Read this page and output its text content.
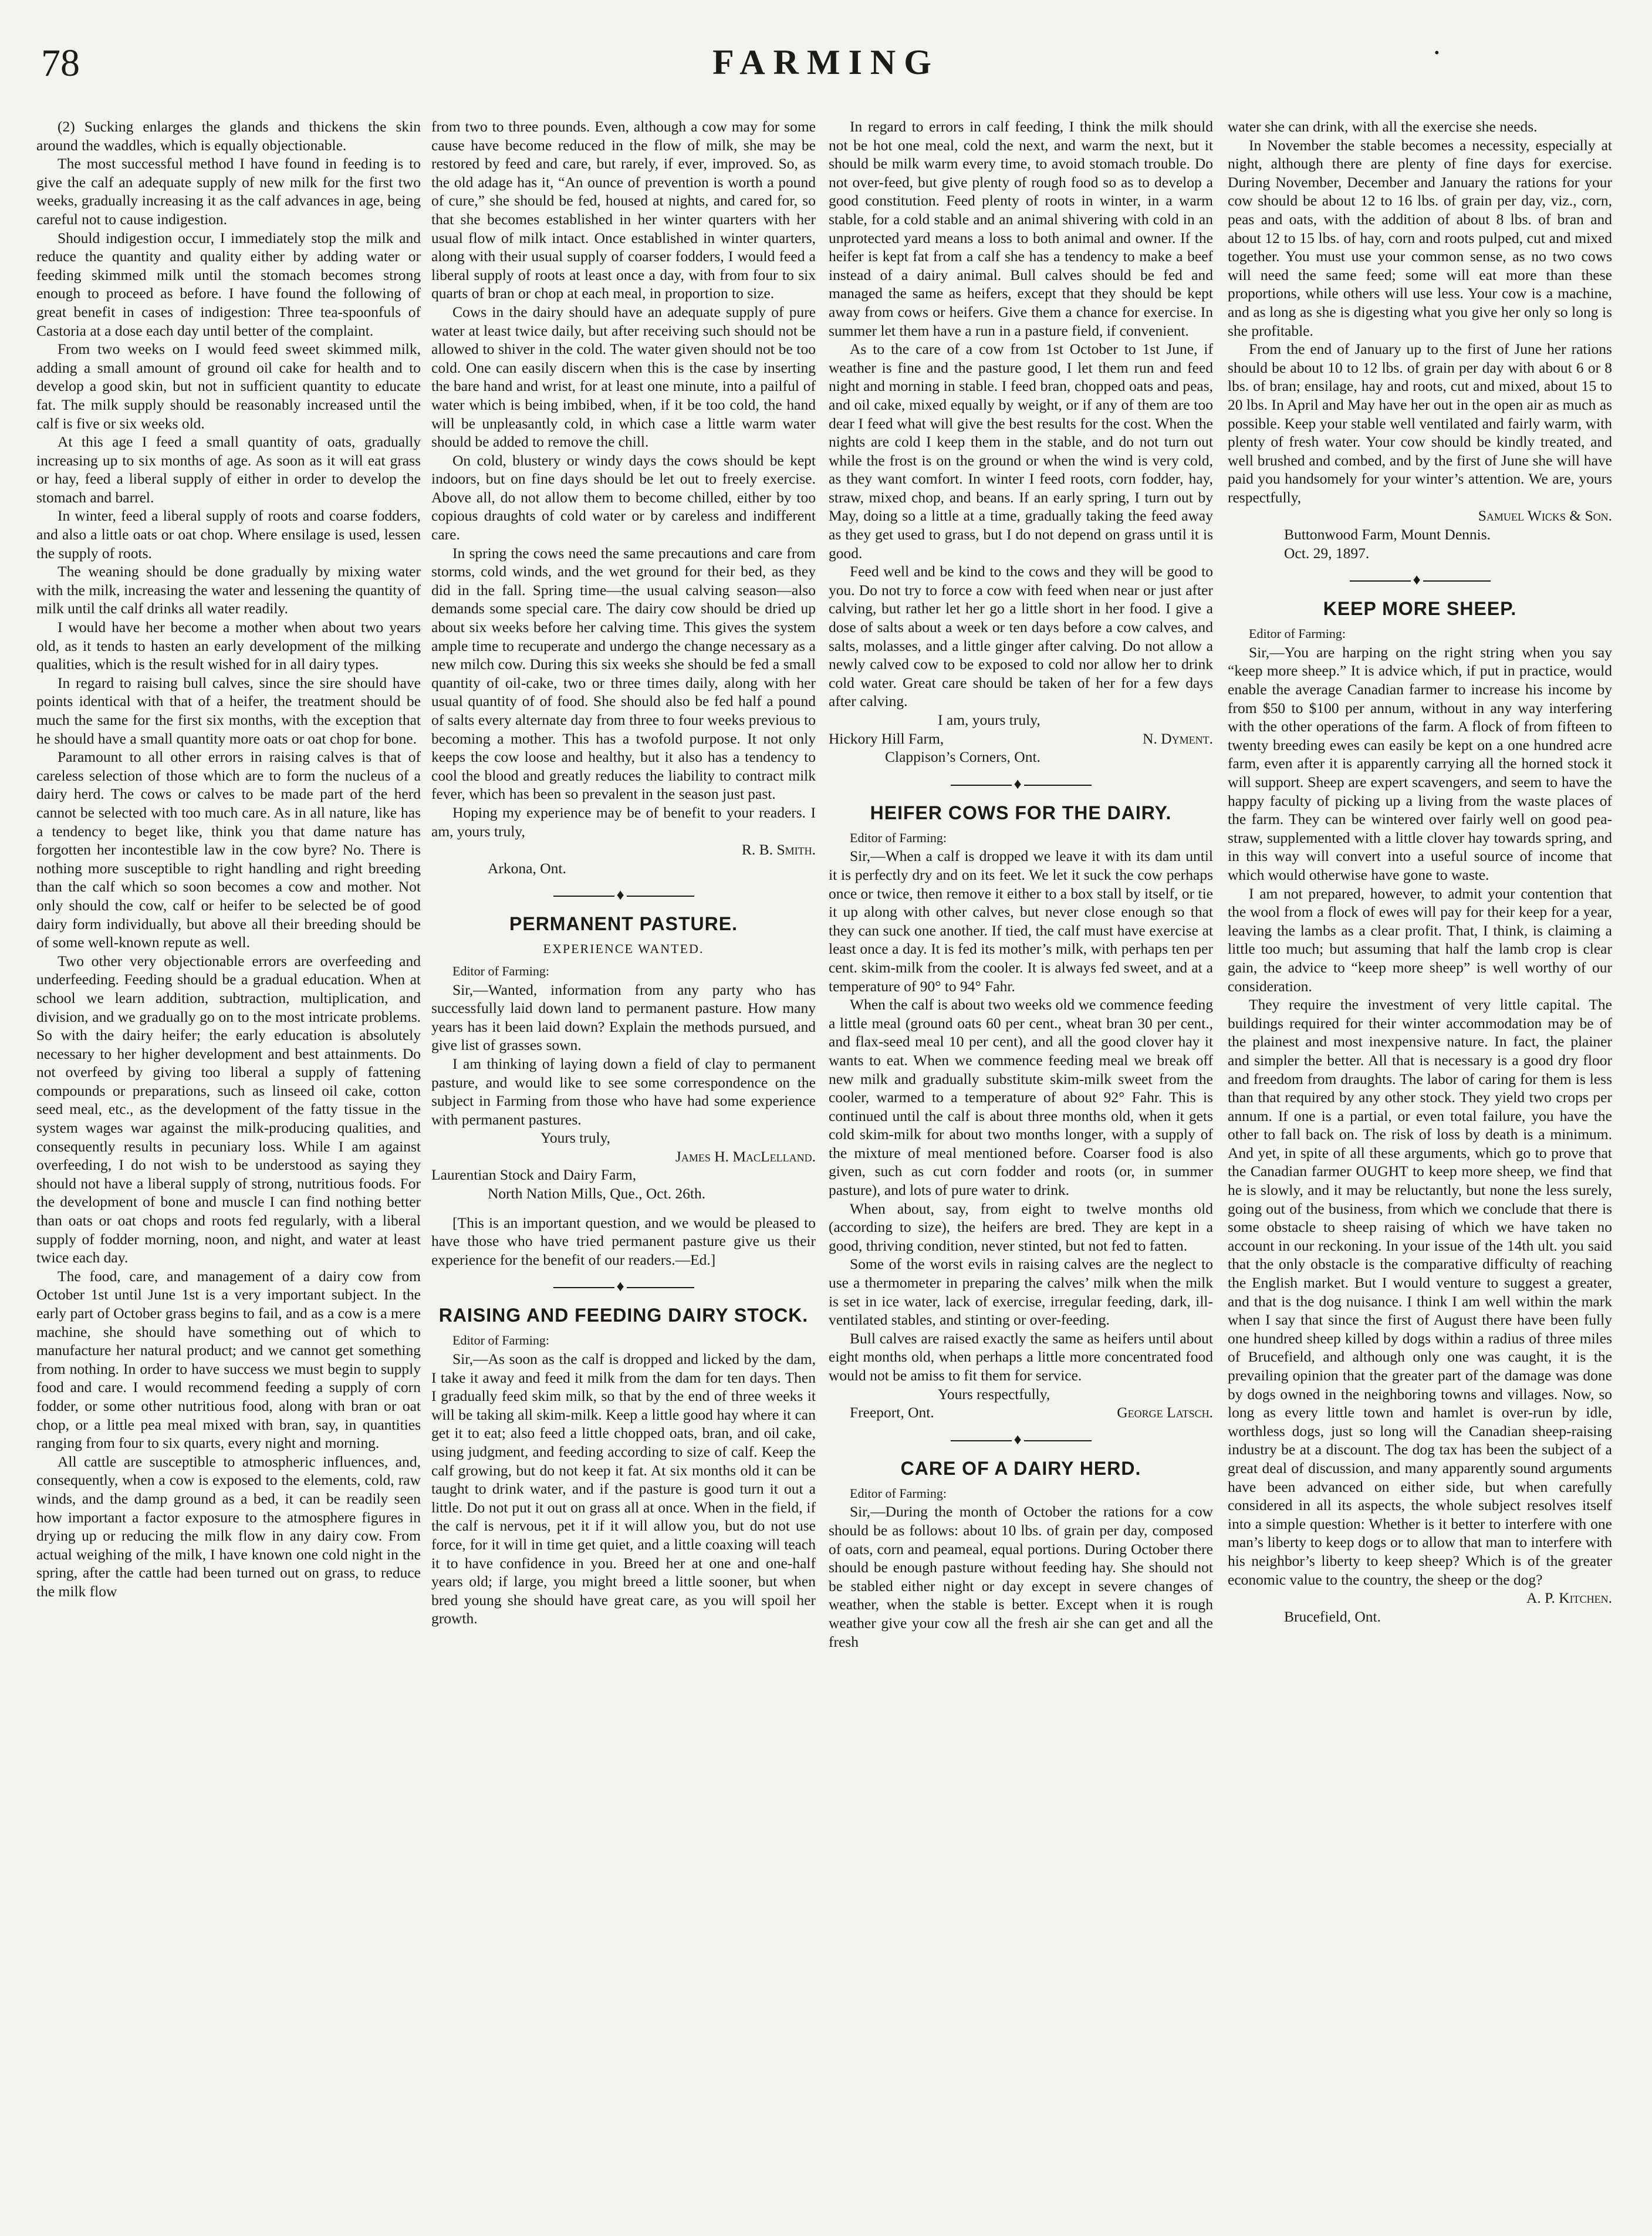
78	FARMING	·

(2) Sucking enlarges the glands and thickens the skin around the waddles, which is equally objectionable.

The most successful method I have found in feeding is to give the calf an adequate supply of new milk for the first two weeks, gradually increasing it as the calf advances in age, being careful not to cause indigestion.

Should indigestion occur, I immediately stop the milk and reduce the quantity and quality either by adding water or feeding skimmed milk until the stomach becomes strong enough to proceed as before. I have found the following of great benefit in cases of indigestion: Three tea-spoonfuls of Castoria at a dose each day until better of the complaint.

From two weeks on I would feed sweet skimmed milk, adding a small amount of ground oil cake for health and to develop a good skin, but not in sufficient quantity to educate fat. The milk supply should be reasonably increased until the calf is five or six weeks old.

At this age I feed a small quantity of oats, gradually increasing up to six months of age. As soon as it will eat grass or hay, feed a liberal supply of either in order to develop the stomach and barrel.

In winter, feed a liberal supply of roots and coarse fodders, and also a little oats or oat chop. Where ensilage is used, lessen the supply of roots.

The weaning should be done gradually by mixing water with the milk, increasing the water and lessening the quantity of milk until the calf drinks all water readily.

I would have her become a mother when about two years old, as it tends to hasten an early development of the milking qualities, which is the result wished for in all dairy types.

In regard to raising bull calves, since the sire should have points identical with that of a heifer, the treatment should be much the same for the first six months, with the exception that he should have a small quantity more oats or oat chop for bone.

Paramount to all other errors in raising calves is that of careless selection of those which are to form the nucleus of a dairy herd. The cows or calves to be made part of the herd cannot be selected with too much care. As in all nature, like has a tendency to beget like, think you that dame nature has forgotten her incontestible law in the cow byre? No. There is nothing more susceptible to right handling and right breeding than the calf which so soon becomes a cow and mother. Not only should the cow, calf or heifer to be selected be of good dairy form individually, but above all their breeding should be of some well-known repute as well.

Two other very objectionable errors are overfeeding and underfeeding. Feeding should be a gradual education. When at school we learn addition, subtraction, multiplication, and division, and we gradually go on to the most intricate problems. So with the dairy heifer; the early education is absolutely necessary to her higher development and best attainments. Do not overfeed by giving too liberal a supply of fattening compounds or preparations, such as linseed oil cake, cotton seed meal, etc., as the development of the fatty tissue in the system wages war against the milk-producing qualities, and consequently results in pecuniary loss. While I am against overfeeding, I do not wish to be understood as saying they should not have a liberal supply of strong, nutritious foods. For the development of bone and muscle I can find nothing better than oats or oat chops and roots fed regularly, with a liberal supply of fodder morning, noon, and night, and water at least twice each day.

The food, care, and management of a dairy cow from October 1st until June 1st is a very important subject. In the early part of October grass begins to fail, and as a cow is a mere machine, she should have something out of which to manufacture her natural product; and we cannot get something from nothing. In order to have success we must begin to supply food and care. I would recommend feeding a supply of corn fodder, or some other nutritious food, along with bran or oat chop, or a little pea meal mixed with bran, say, in quantities ranging from four to six quarts, every night and morning.

All cattle are susceptible to atmospheric influences, and, consequently, when a cow is exposed to the elements, cold, raw winds, and the damp ground as a bed, it can be readily seen how important a factor exposure to the atmosphere figures in drying up or reducing the milk flow in any dairy cow. From actual weighing of the milk, I have known one cold night in the spring, after the cattle had been turned out on grass, to reduce the milk flow

from two to three pounds. Even, although a cow may for some cause have become reduced in the flow of milk, she may be restored by feed and care, but rarely, if ever, improved. So, as the old adage has it, “An ounce of prevention is worth a pound of cure,” she should be fed, housed at nights, and cared for, so that she becomes established in her winter quarters with her usual flow of milk intact. Once established in winter quarters, along with their usual supply of coarser fodders, I would feed a liberal supply of roots at least once a day, with from four to six quarts of bran or chop at each meal, in proportion to size.

Cows in the dairy should have an adequate supply of pure water at least twice daily, but after receiving such should not be allowed to shiver in the cold. The water given should not be too cold. One can easily discern when this is the case by inserting the bare hand and wrist, for at least one minute, into a pailful of water which is being imbibed, when, if it be too cold, the hand will be unpleasantly cold, in which case a little warm water should be added to remove the chill.

On cold, blustery or windy days the cows should be kept indoors, but on fine days should be let out to freely exercise. Above all, do not allow them to become chilled, either by too copious draughts of cold water or by careless and indifferent care.

In spring the cows need the same precautions and care from storms, cold winds, and the wet ground for their bed, as they did in the fall. Spring time—the usual calving season—also demands some special care. The dairy cow should be dried up about six weeks before her calving time. This gives the system ample time to recuperate and undergo the change necessary as a new milch cow. During this six weeks she should be fed a small quantity of oil-cake, two or three times daily, along with her usual quantity of of food. She should also be fed half a pound of salts every alternate day from three to four weeks previous to becoming a mother. This has a twofold purpose. It not only keeps the cow loose and healthy, but it also has a tendency to cool the blood and greatly reduces the liability to contract milk fever, which has been so prevalent in the season just past.

Hoping my experience may be of benefit to your readers. I am, yours truly,

R. B. Smith.

Arkona, Ont.

♦
PERMANENT PASTURE.
EXPERIENCE WANTED.

Editor of Farming:

Sir,—Wanted, information from any party who has successfully laid down land to permanent pasture. How many years has it been laid down? Explain the methods pursued, and give list of grasses sown.

I am thinking of laying down a field of clay to permanent pasture, and would like to see some correspondence on the subject in Farming from those who have had some experience with permanent pastures.

Yours truly,

James H. MacLelland.

Laurentian Stock and Dairy Farm,

North Nation Mills, Que., Oct. 26th.

[This is an important question, and we would be pleased to have those who have tried permanent pasture give us their experience for the benefit of our readers.—Ed.]

♦
RAISING AND FEEDING DAIRY STOCK.

Editor of Farming:

Sir,—As soon as the calf is dropped and licked by the dam, I take it away and feed it milk from the dam for ten days. Then I gradually feed skim milk, so that by the end of three weeks it will be taking all skim-milk. Keep a little good hay where it can get it to eat; also feed a little chopped oats, bran, and oil cake, using judgment, and feeding according to size of calf. Keep the calf growing, but do not keep it fat. At six months old it can be taught to drink water, and if the pasture is good turn it out a little. Do not put it out on grass all at once. When in the field, if the calf is nervous, pet it if it will allow you, but do not use force, for it will in time get quiet, and a little coaxing will teach it to have confidence in you. Breed her at one and one-half years old; if large, you might breed a little sooner, but when bred young she should have great care, as you will spoil her growth.

In regard to errors in calf feeding, I think the milk should not be hot one meal, cold the next, and warm the next, but it should be milk warm every time, to avoid stomach trouble. Do not over-feed, but give plenty of rough food so as to develop a good constitution. Feed plenty of roots in winter, in a warm stable, for a cold stable and an animal shivering with cold in an unprotected yard means a loss to both animal and owner. If the heifer is kept fat from a calf she has a tendency to make a beef instead of a dairy animal. Bull calves should be fed and managed the same as heifers, except that they should be kept away from cows or heifers. Give them a chance for exercise. In summer let them have a run in a pasture field, if convenient.

As to the care of a cow from 1st October to 1st June, if weather is fine and the pasture good, I let them run and feed night and morning in stable. I feed bran, chopped oats and peas, and oil cake, mixed equally by weight, or if any of them are too dear I feed what will give the best results for the cost. When the nights are cold I keep them in the stable, and do not turn out while the frost is on the ground or when the wind is very cold, as they want comfort. In winter I feed roots, corn fodder, hay, straw, mixed chop, and beans. If an early spring, I turn out by May, doing so a little at a time, gradually taking the feed away as they get used to grass, but I do not depend on grass until it is good.

Feed well and be kind to the cows and they will be good to you. Do not try to force a cow with feed when near or just after calving, but rather let her go a little short in her food. I give a dose of salts about a week or ten days before a cow calves, and salts, molasses, and a little ginger after calving. Do not allow a newly calved cow to be exposed to cold nor allow her to drink cold water. Great care should be taken of her for a few days after calving.

I am, yours truly,

Hickory Hill Farm,	N. Dyment.

Clappison’s Corners, Ont.

♦
HEIFER COWS FOR THE DAIRY.

Editor of Farming:

Sir,—When a calf is dropped we leave it with its dam until it is perfectly dry and on its feet. We let it suck the cow perhaps once or twice, then remove it either to a box stall by itself, or tie it up along with other calves, but never close enough so that they can suck one another. If tied, the calf must have exercise at least once a day. It is fed its mother’s milk, with perhaps ten per cent. skim-milk from the cooler. It is always fed sweet, and at a temperature of 90° to 94° Fahr.

When the calf is about two weeks old we commence feeding a little meal (ground oats 60 per cent., wheat bran 30 per cent., and flax-seed meal 10 per cent), and all the good clover hay it wants to eat. When we commence feeding meal we break off new milk and gradually substitute skim-milk sweet from the cooler, warmed to a temperature of about 92° Fahr. This is continued until the calf is about three months old, when it gets cold skim-milk for about two months longer, with a supply of the mixture of meal mentioned before. Coarser food is also given, such as cut corn fodder and roots (or, in summer pasture), and lots of pure water to drink.

When about, say, from eight to twelve months old (according to size), the heifers are bred. They are kept in a good, thriving condition, never stinted, but not fed to fatten.

Some of the worst evils in raising calves are the neglect to use a thermometer in preparing the calves’ milk when the milk is set in ice water, lack of exercise, irregular feeding, dark, ill-ventilated stables, and stinting or over-feeding.

Bull calves are raised exactly the same as heifers until about eight months old, when perhaps a little more concentrated food would not be amiss to fit them for service.

Yours respectfully,

Freeport, Ont.	George Latsch.

♦
CARE OF A DAIRY HERD.

Editor of Farming:

Sir,—During the month of October the rations for a cow should be as follows: about 10 lbs. of grain per day, composed of oats, corn and peameal, equal portions. During October there should be enough pasture without feeding hay. She should not be stabled either night or day except in severe changes of weather, when the stable is better. Except when it is rough weather give your cow all the fresh air she can get and all the fresh

water she can drink, with all the exercise she needs.

In November the stable becomes a necessity, especially at night, although there are plenty of fine days for exercise. During November, December and January the rations for your cow should be about 12 to 16 lbs. of grain per day, viz., corn, peas and oats, with the addition of about 8 lbs. of bran and about 12 to 15 lbs. of hay, corn and roots pulped, cut and mixed together. You must use your common sense, as no two cows will need the same feed; some will eat more than these proportions, while others will use less. Your cow is a machine, and as long as she is digesting what you give her only so long is she profitable.

From the end of January up to the first of June her rations should be about 10 to 12 lbs. of grain per day with about 6 or 8 lbs. of bran; ensilage, hay and roots, cut and mixed, about 15 to 20 lbs. In April and May have her out in the open air as much as possible. Keep your stable well ventilated and fairly warm, with plenty of fresh water. Your cow should be kindly treated, and well brushed and combed, and by the first of June she will have paid you handsomely for your winter’s attention. We are, yours respectfully,

Samuel Wicks & Son.

Buttonwood Farm, Mount Dennis.

Oct. 29, 1897.

♦
KEEP MORE SHEEP.

Editor of Farming:

Sir,—You are harping on the right string when you say “keep more sheep.” It is advice which, if put in practice, would enable the average Canadian farmer to increase his income by from $50 to $100 per annum, without in any way interfering with the other operations of the farm. A flock of from fifteen to twenty breeding ewes can easily be kept on a one hundred acre farm, even after it is apparently carrying all the horned stock it will support. Sheep are expert scavengers, and seem to have the happy faculty of picking up a living from the waste places of the farm. They can be wintered over fairly well on good pea-straw, supplemented with a little clover hay towards spring, and in this way will convert into a useful source of income that which would otherwise have gone to waste.

I am not prepared, however, to admit your contention that the wool from a flock of ewes will pay for their keep for a year, leaving the lambs as a clear profit. That, I think, is claiming a little too much; but assuming that half the lamb crop is clear gain, the advice to “keep more sheep” is well worthy of our consideration.

They require the investment of very little capital. The buildings required for their winter accommodation may be of the plainest and most inexpensive nature. In fact, the plainer and simpler the better. All that is necessary is a good dry floor and freedom from draughts. The labor of caring for them is less than that required by any other stock. They yield two crops per annum. If one is a partial, or even total failure, you have the other to fall back on. The risk of loss by death is a minimum. And yet, in spite of all these arguments, which go to prove that the Canadian farmer OUGHT to keep more sheep, we find that he is slowly, and it may be reluctantly, but none the less surely, going out of the business, from which we conclude that there is some obstacle to sheep raising of which we have taken no account in our reckoning. In your issue of the 14th ult. you said that the only obstacle is the comparative difficulty of reaching the English market. But I would venture to suggest a greater, and that is the dog nuisance. I think I am well within the mark when I say that since the first of August there have been fully one hundred sheep killed by dogs within a radius of three miles of Brucefield, and although only one was caught, it is the prevailing opinion that the greater part of the damage was done by dogs owned in the neighboring towns and villages. Now, so long as every little town and hamlet is over-run by idle, worthless dogs, just so long will the Canadian sheep-raising industry be at a discount. The dog tax has been the subject of a great deal of discussion, and many apparently sound arguments have been advanced on either side, but when carefully considered in all its aspects, the whole subject resolves itself into a simple question: Whether is it better to interfere with one man’s liberty to keep dogs or to allow that man to interfere with his neighbor’s liberty to keep sheep? Which is of the greater economic value to the country, the sheep or the dog?

A. P. Kitchen.

Brucefield, Ont.
